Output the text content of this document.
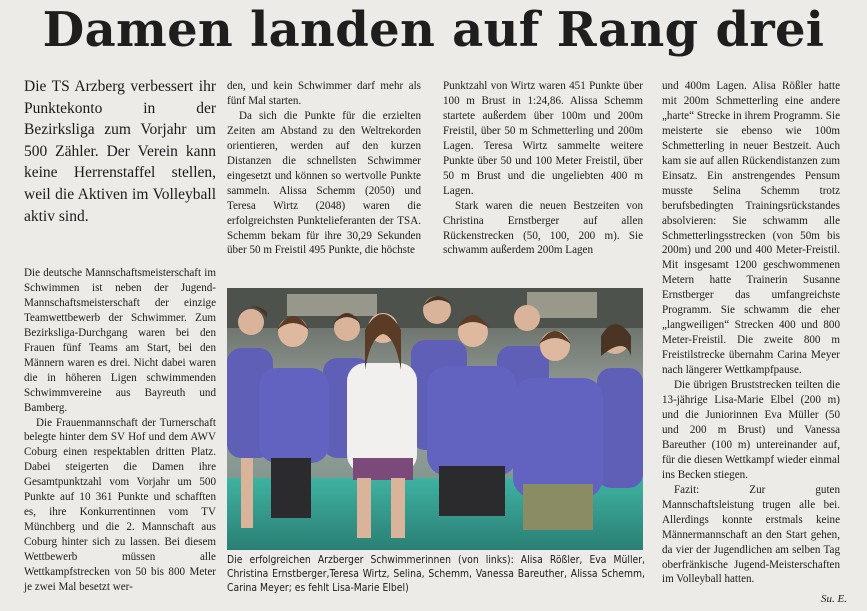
Damen landen auf Rang drei
Die TS Arzberg verbessert ihr Punktekonto in der Bezirksliga zum Vorjahr um 500 Zähler. Der Verein kann keine Herrenstaffel stellen, weil die Aktiven im Volleyball aktiv sind.

Die deutsche Mannschaftsmeisterschaft im Schwimmen ist neben der Jugend-Mannschaftsmeisterschaft der einzige Teamwettbewerb der Schwimmer. Zum Bezirksliga-Durchgang waren bei den Frauen fünf Teams am Start, bei den Männern waren es drei. Nicht dabei waren die in höheren Ligen schwimmenden Schwimmvereine aus Bayreuth und Bamberg.

Die Frauenmannschaft der Turnerschaft belegte hinter dem SV Hof und dem AWV Coburg einen respektablen dritten Platz. Dabei steigerten die Damen ihre Gesamtpunktzahl vom Vorjahr um 500 Punkte auf 10 361 Punkte und schafften es, ihre Konkurrentinnen vom TV Münchberg und die 2. Mannschaft aus Coburg hinter sich zu lassen. Bei diesem Wettbewerb müssen alle Wettkampfstrecken von 50 bis 800 Meter je zwei Mal besetzt wer-

den, und kein Schwimmer darf mehr als fünf Mal starten.

Da sich die Punkte für die erzielten Zeiten am Abstand zu den Weltrekorden orientieren, werden auf den kurzen Distanzen die schnellsten Schwimmer eingesetzt und können so wertvolle Punkte sammeln. Alissa Schemm (2050) und Teresa Wirtz (2048) waren die erfolgreichsten Punktelieferanten der TSA. Schemm bekam für ihre 30,29 Sekunden über 50 m Freistil 495 Punkte, die höchste

Punktzahl von Wirtz waren 451 Punkte über 100 m Brust in 1:24,86. Alissa Schemm startete außerdem über 100m und 200m Freistil, über 50 m Schmetterling und 200m Lagen. Teresa Wirtz sammelte weitere Punkte über 50 und 100 Meter Freistil, über 50 m Brust und die ungeliebten 400 m Lagen.

Stark waren die neuen Bestzeiten von Christina Ernstberger auf allen Rückenstrecken (50, 100, 200 m). Sie schwamm außerdem 200m Lagen

und 400m Lagen. Alisa Rößler hatte mit 200m Schmetterling eine andere „harte“ Strecke in ihrem Programm. Sie meisterte sie ebenso wie 100m Schmetterling in neuer Bestzeit. Auch kam sie auf allen Rückendistanzen zum Einsatz. Ein anstrengendes Pensum musste Selina Schemm trotz berufsbedingten Trainingsrückstandes absolvieren: Sie schwamm alle Schmetterlingsstrecken (von 50m bis 200m) und 200 und 400 Meter-Freistil. Mit insgesamt 1200 geschwommenen Metern hatte Trainerin Susanne Ernstberger das umfangreichste Programm. Sie schwamm die eher „langweiligen“ Strecken 400 und 800 Meter-Freistil. Die zweite 800 m Freistilstrecke übernahm Carina Meyer nach längerer Wettkampfpause.

Die übrigen Bruststrecken teilten die 13-jährige Lisa-Marie Elbel (200 m) und die Juniorinnen Eva Müller (50 und 200 m Brust) und Vanessa Bareuther (100 m) untereinander auf, für die diesen Wettkampf wieder einmal ins Becken stiegen.

Fazit: Zur guten Mannschaftsleistung trugen alle bei. Allerdings konnte erstmals keine Männermannschaft an den Start gehen, da vier der Jugendlichen am selben Tag oberfränkische Jugend-Meisterschaften im Volleyball hatten.

Die erfolgreichen Arzberger Schwimmerinnen (von links): Alisa Rößler, Eva Müller, Christina Ernstberger,Teresa Wirtz, Selina, Schemm, Vanessa Bareuther, Alissa Schemm, Carina Meyer; es fehlt Lisa-Marie Elbel)
Su. E.
